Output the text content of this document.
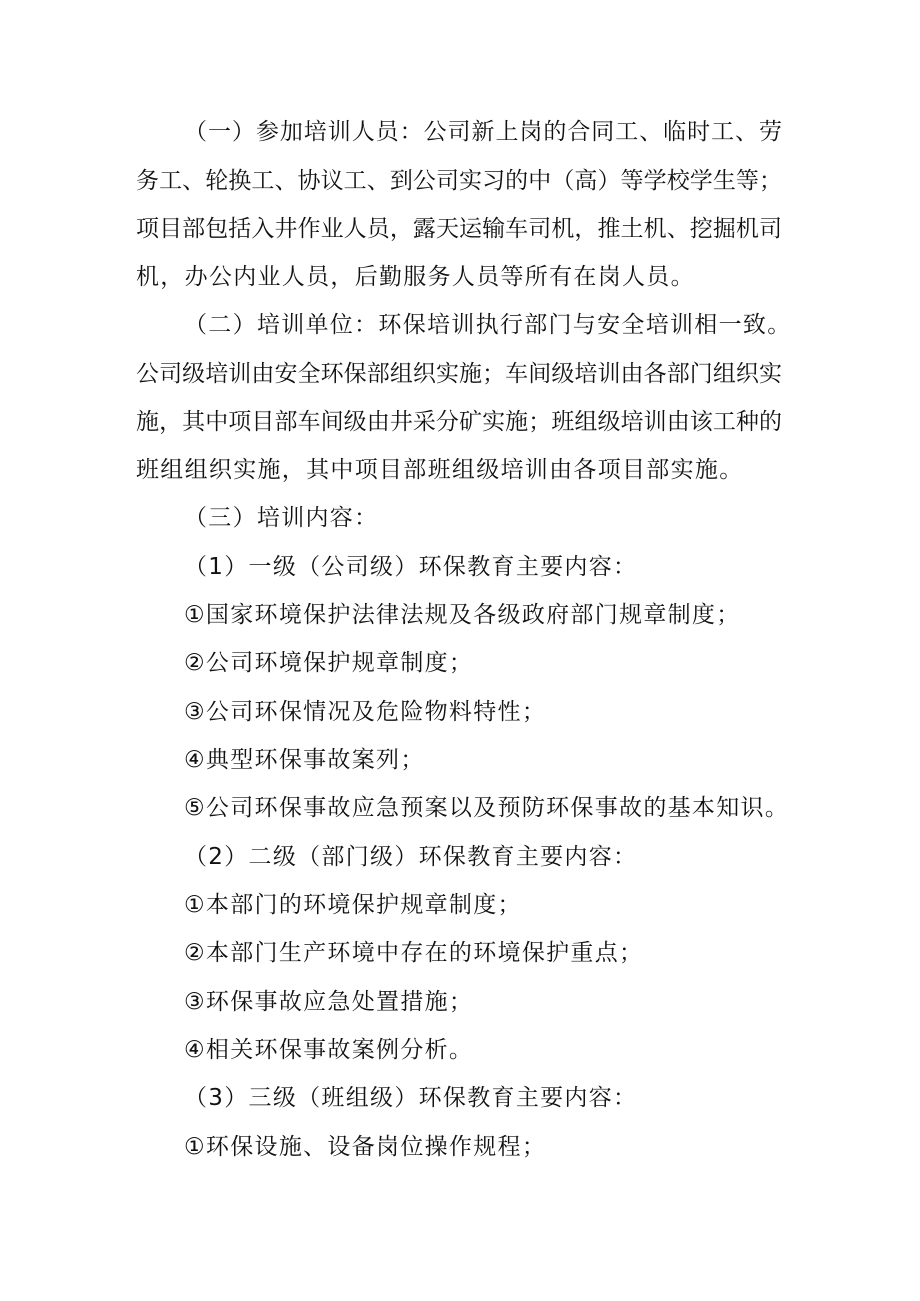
（一）参加培训人员：公司新上岗的合同工、临时工、劳
务工、轮换工、协议工、到公司实习的中（高）等学校学生等；
项目部包括入井作业人员，露天运输车司机，推土机、挖掘机司
机，办公内业人员，后勤服务人员等所有在岗人员。
（二）培训单位：环保培训执行部门与安全培训相一致。
公司级培训由安全环保部组织实施；车间级培训由各部门组织实
施，其中项目部车间级由井采分矿实施；班组级培训由该工种的
班组组织实施，其中项目部班组级培训由各项目部实施。
（三）培训内容：
（1）一级（公司级）环保教育主要内容：
①国家环境保护法律法规及各级政府部门规章制度；
②公司环境保护规章制度；
③公司环保情况及危险物料特性；
④典型环保事故案列；
⑤公司环保事故应急预案以及预防环保事故的基本知识。
（2）二级（部门级）环保教育主要内容：
①本部门的环境保护规章制度；
②本部门生产环境中存在的环境保护重点；
③环保事故应急处置措施；
④相关环保事故案例分析。
（3）三级（班组级）环保教育主要内容：
①环保设施、设备岗位操作规程；
